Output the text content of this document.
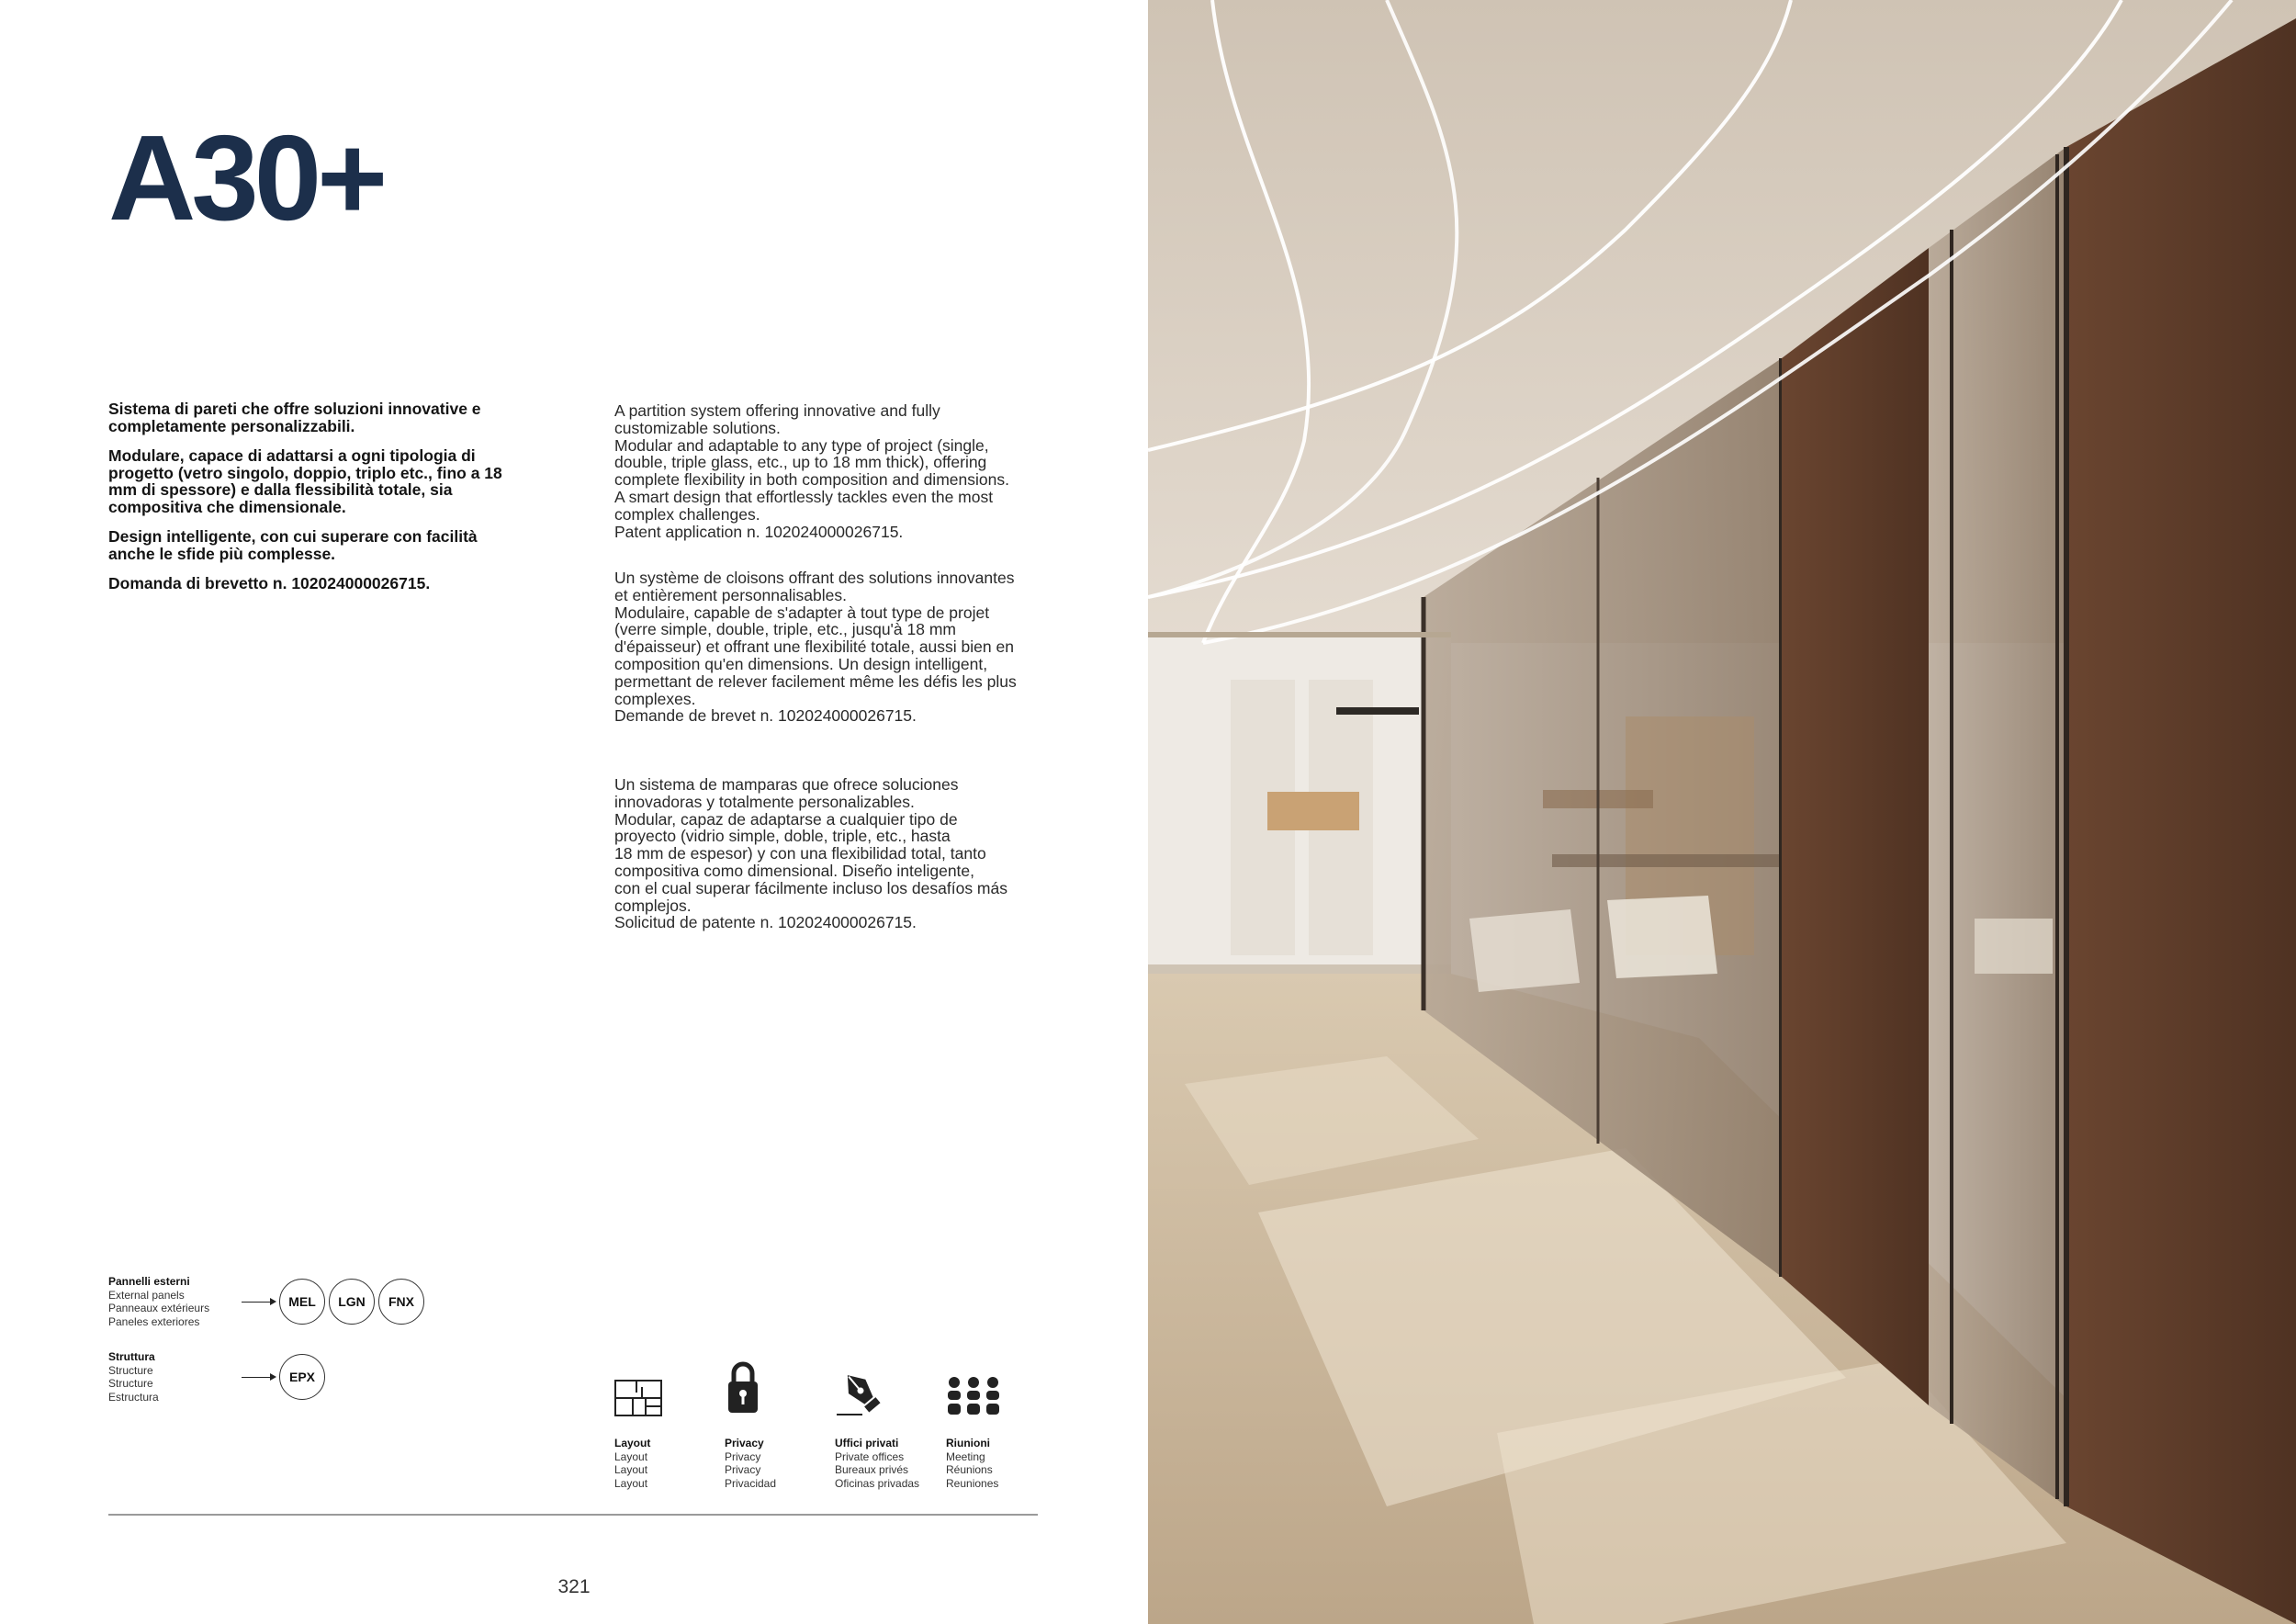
A30+

Sistema di pareti che offre soluzioni innovative e completamente personalizzabili.

Modulare, capace di adattarsi a ogni tipologia di progetto (vetro singolo, doppio, triplo etc., fino a 18 mm di spessore) e dalla flessibilità totale, sia compositiva che dimensionale.

Design intelligente, con cui superare con facilità anche le sfide più complesse.

Domanda di brevetto n. 102024000026715.

A partition system offering innovative and fully

customizable solutions.

Modular and adaptable to any type of project (single,

double, triple glass, etc., up to 18 mm thick), offering

complete flexibility in both composition and dimensions.

A smart design that effortlessly tackles even the most

complex challenges.

Patent application n. 102024000026715.

Un système de cloisons offrant des solutions innovantes

et entièrement personnalisables.

Modulaire, capable de s'adapter à tout type de projet

(verre simple, double, triple, etc., jusqu'à 18 mm

d'épaisseur) et offrant une flexibilité totale, aussi bien en

composition qu'en dimensions. Un design intelligent,

permettant de relever facilement même les défis les plus

complexes.

Demande de brevet n. 102024000026715.

Un sistema de mamparas que ofrece soluciones

innovadoras y totalmente personalizables.

Modular, capaz de adaptarse a cualquier tipo de

proyecto (vidrio simple, doble, triple, etc., hasta

18 mm de espesor) y con una flexibilidad total, tanto

compositiva como dimensional. Diseño inteligente,

con el cual superar fácilmente incluso los desafíos más

complejos.

Solicitud de patente n. 102024000026715.

Pannelli esterni
External panels
Panneaux extérieurs
Paneles exteriores
MEL	LGN	FNX
Struttura
Structure
Structure
Estructura
EPX
Layout
Layout
Layout
Layout
Privacy
Privacy
Privacy
Privacidad
Uffici privati
Private offices
Bureaux privés
Oficinas privadas
Riunioni
Meeting
Réunions
Reuniones
321
